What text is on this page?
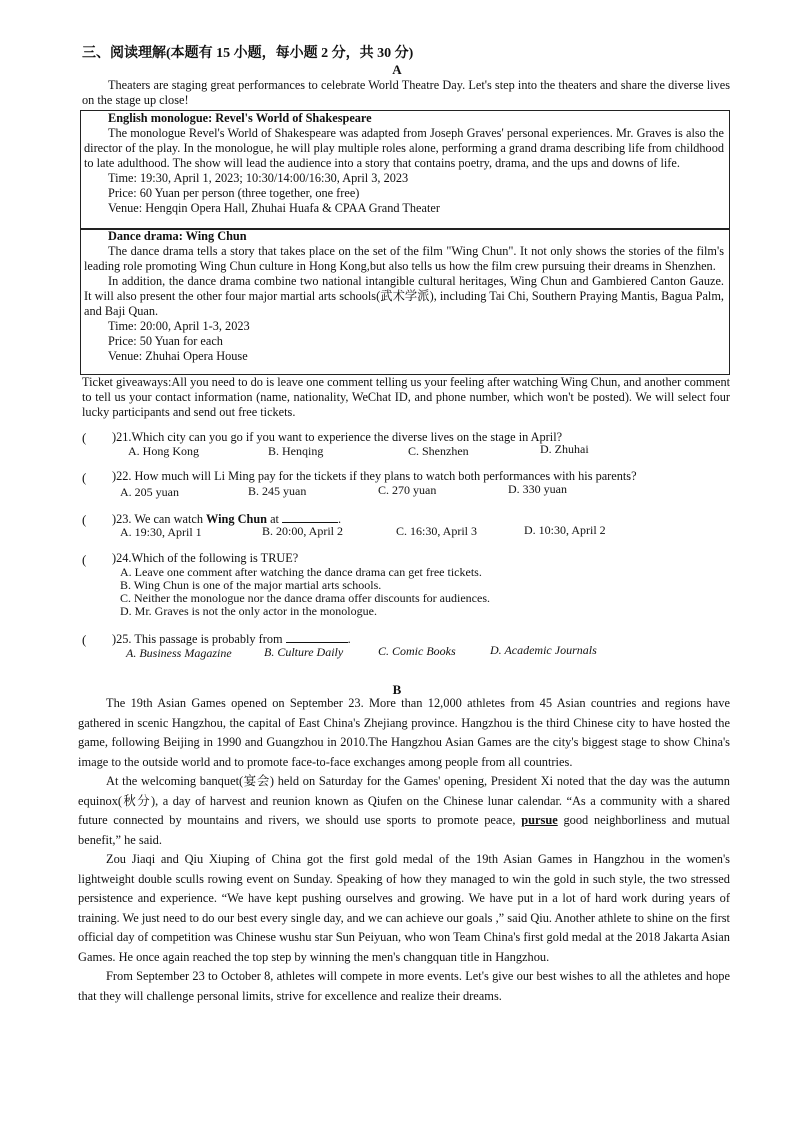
三、阅读理解(本题有 15 小题，每小题 2 分，共 30 分)
A
Theaters are staging great performances to celebrate World Theatre Day. Let's step into the theaters and share the diverse lives on the stage up close!
English monologue: Revel's World of Shakespeare
The monologue Revel's World of Shakespeare was adapted from Joseph Graves' personal experiences. Mr. Graves is also the director of the play. In the monologue, he will play multiple roles alone, performing a grand drama describing life from childhood to late adulthood. The show will lead the audience into a story that contains poetry, drama, and the ups and downs of life.
Time: 19:30, April 1, 2023; 10:30/14:00/16:30, April 3, 2023
Price: 60 Yuan per person (three together, one free)
Venue: Hengqin Opera Hall, Zhuhai Huafa & CPAA Grand Theater
Dance drama: Wing Chun
The dance drama tells a story that takes place on the set of the film "Wing Chun". It not only shows the stories of the film's leading role promoting Wing Chun culture in Hong Kong,but also tells us how the film crew pursuing their dreams in Shenzhen.
In addition, the dance drama combine two national intangible cultural heritages, Wing Chun and Gambiered Canton Gauze. It will also present the other four major martial arts schools(武术学派), including Tai Chi, Southern Praying Mantis, Bagua Palm, and Baji Quan.
Time: 20:00, April 1-3, 2023
Price: 50 Yuan for each
Venue: Zhuhai Opera House
Ticket giveaways:All you need to do is leave one comment telling us your feeling after watching Wing Chun, and another comment to tell us your contact information (name, nationality, WeChat ID, and phone number, which won't be posted). We will select four lucky participants and send out free tickets.
( )21.Which city can you go if you want to experience the diverse lives on the stage in April?
A. Hong Kong	B. Henqing	C. Shenzhen	D. Zhuhai
( )22. How much will Li Ming pay for the tickets if they plans to watch both performances with his parents?
A. 205 yuan	B. 245 yuan	C. 270 yuan	D. 330 yuan
( )23. We can watch Wing Chun at	.
A. 19:30, April 1	B. 20:00, April 2	C. 16:30, April 3	D. 10:30, April 2
( )24.Which of the following is TRUE?
A. Leave one comment after watching the dance drama can get free tickets.
B. Wing Chun is one of the major martial arts schools.
C. Neither the monologue nor the dance drama offer discounts for audiences.
D. Mr. Graves is not the only actor in the monologue.
( )25. This passage is probably from	.
A. Business Magazine	B. Culture Daily	C. Comic Books	D. Academic Journals
B
The 19th Asian Games opened on September 23. More than 12,000 athletes from 45 Asian countries and regions have gathered in scenic Hangzhou, the capital of East China's Zhejiang province. Hangzhou is the third Chinese city to have hosted the game, following Beijing in 1990 and Guangzhou in 2010.The Hangzhou Asian Games are the city's biggest stage to show China's image to the outside world and to promote face-to-face exchanges among people from all countries.
At the welcoming banquet(宴会) held on Saturday for the Games' opening, President Xi noted that the day was the autumn equinox(秋分), a day of harvest and reunion known as Qiufen on the Chinese lunar calendar. “As a community with a shared future connected by mountains and rivers, we should use sports to promote peace, pursue good neighborliness and mutual benefit,” he said.
Zou Jiaqi and Qiu Xiuping of China got the first gold medal of the 19th Asian Games in Hangzhou in the women's lightweight double sculls rowing event on Sunday. Speaking of how they managed to win the gold in such style, the two stressed persistence and experience. “We have kept pushing ourselves and growing. We have put in a lot of hard work during years of training. We just need to do our best every single day, and we can achieve our goals ,” said Qiu. Another athlete to shine on the first official day of competition was Chinese wushu star Sun Peiyuan, who won Team China's first gold medal at the 2018 Jakarta Asian Games. He once again reached the top step by winning the men's changquan title in Hangzhou.
From September 23 to October 8, athletes will compete in more events. Let's give our best wishes to all the athletes and hope that they will challenge personal limits, strive for excellence and realize their dreams.
